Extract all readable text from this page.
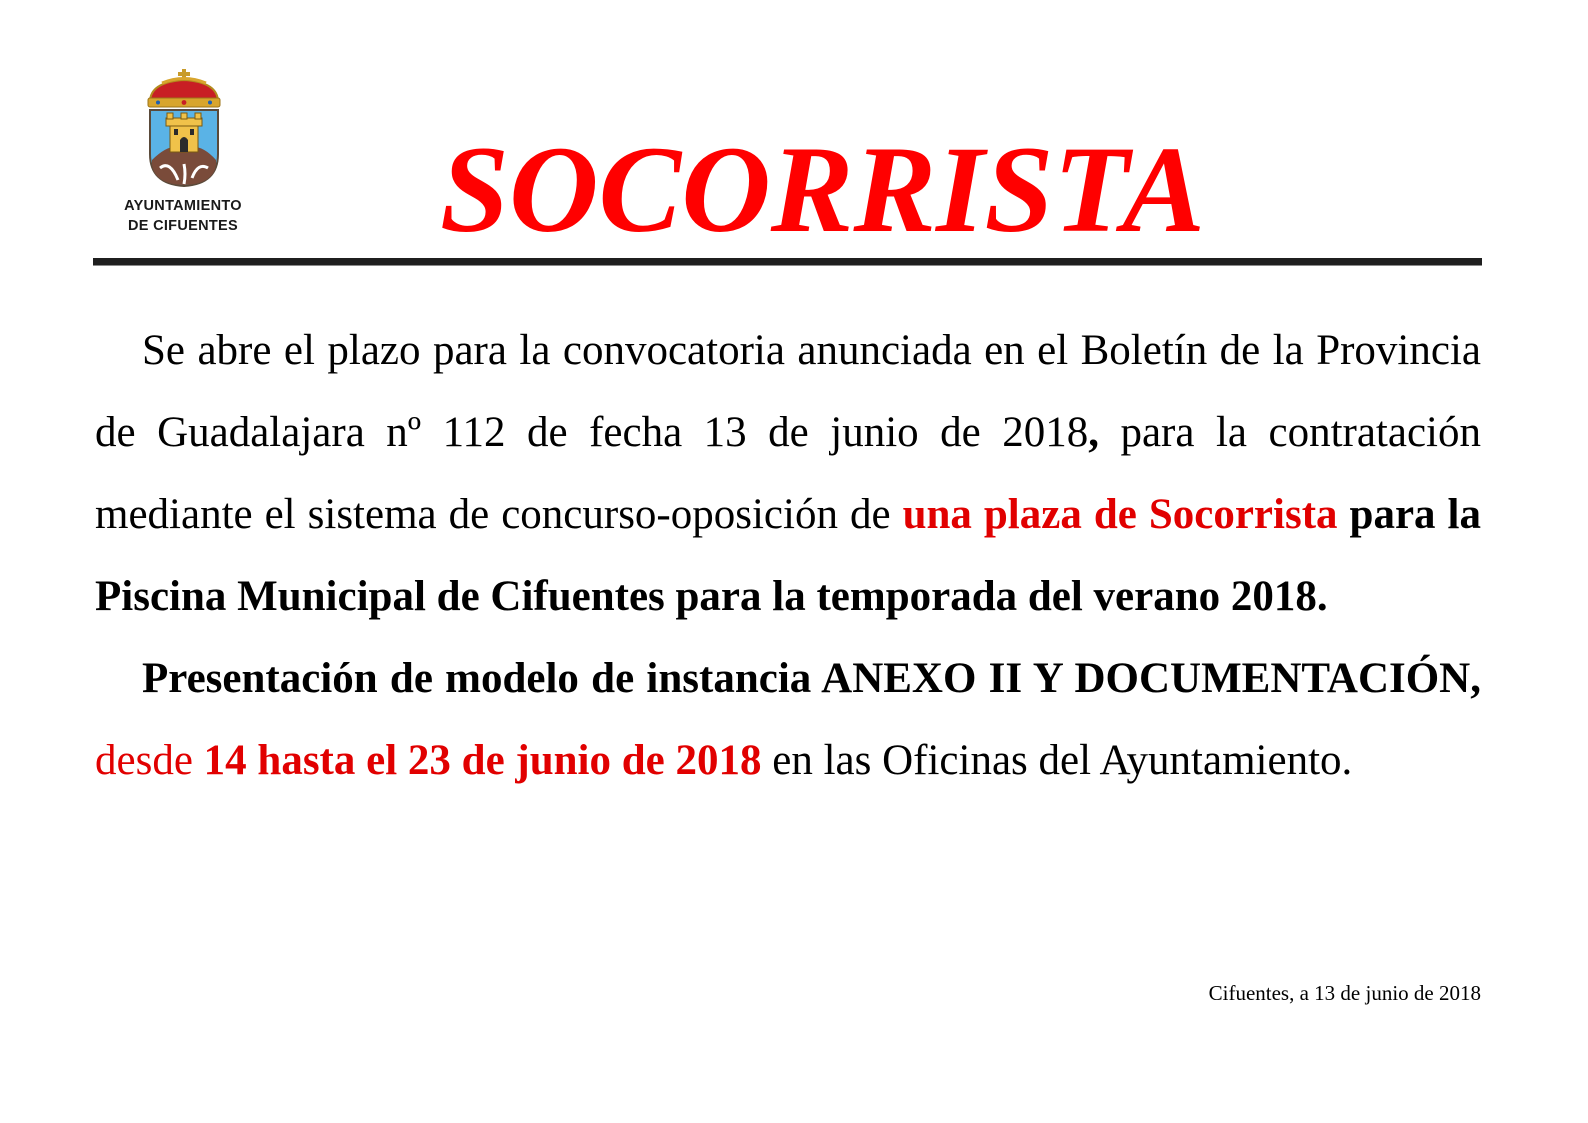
AYUNTAMIENTO
DE CIFUENTES SOCORRISTA

Se abre el plazo para la convocatoria anunciada en el Boletín de la Provincia de Guadalajara nº 112 de fecha 13 de junio de 2018, para la contratación mediante el sistema de concurso-oposición de una plaza de Socorrista para la Piscina Municipal de Cifuentes para la temporada del verano 2018.

Presentación de modelo de instancia ANEXO II Y DOCUMENTACIÓN, desde 14 hasta el 23 de junio de 2018 en las Oficinas del Ayuntamiento.

Cifuentes, a 13 de junio de 2018
